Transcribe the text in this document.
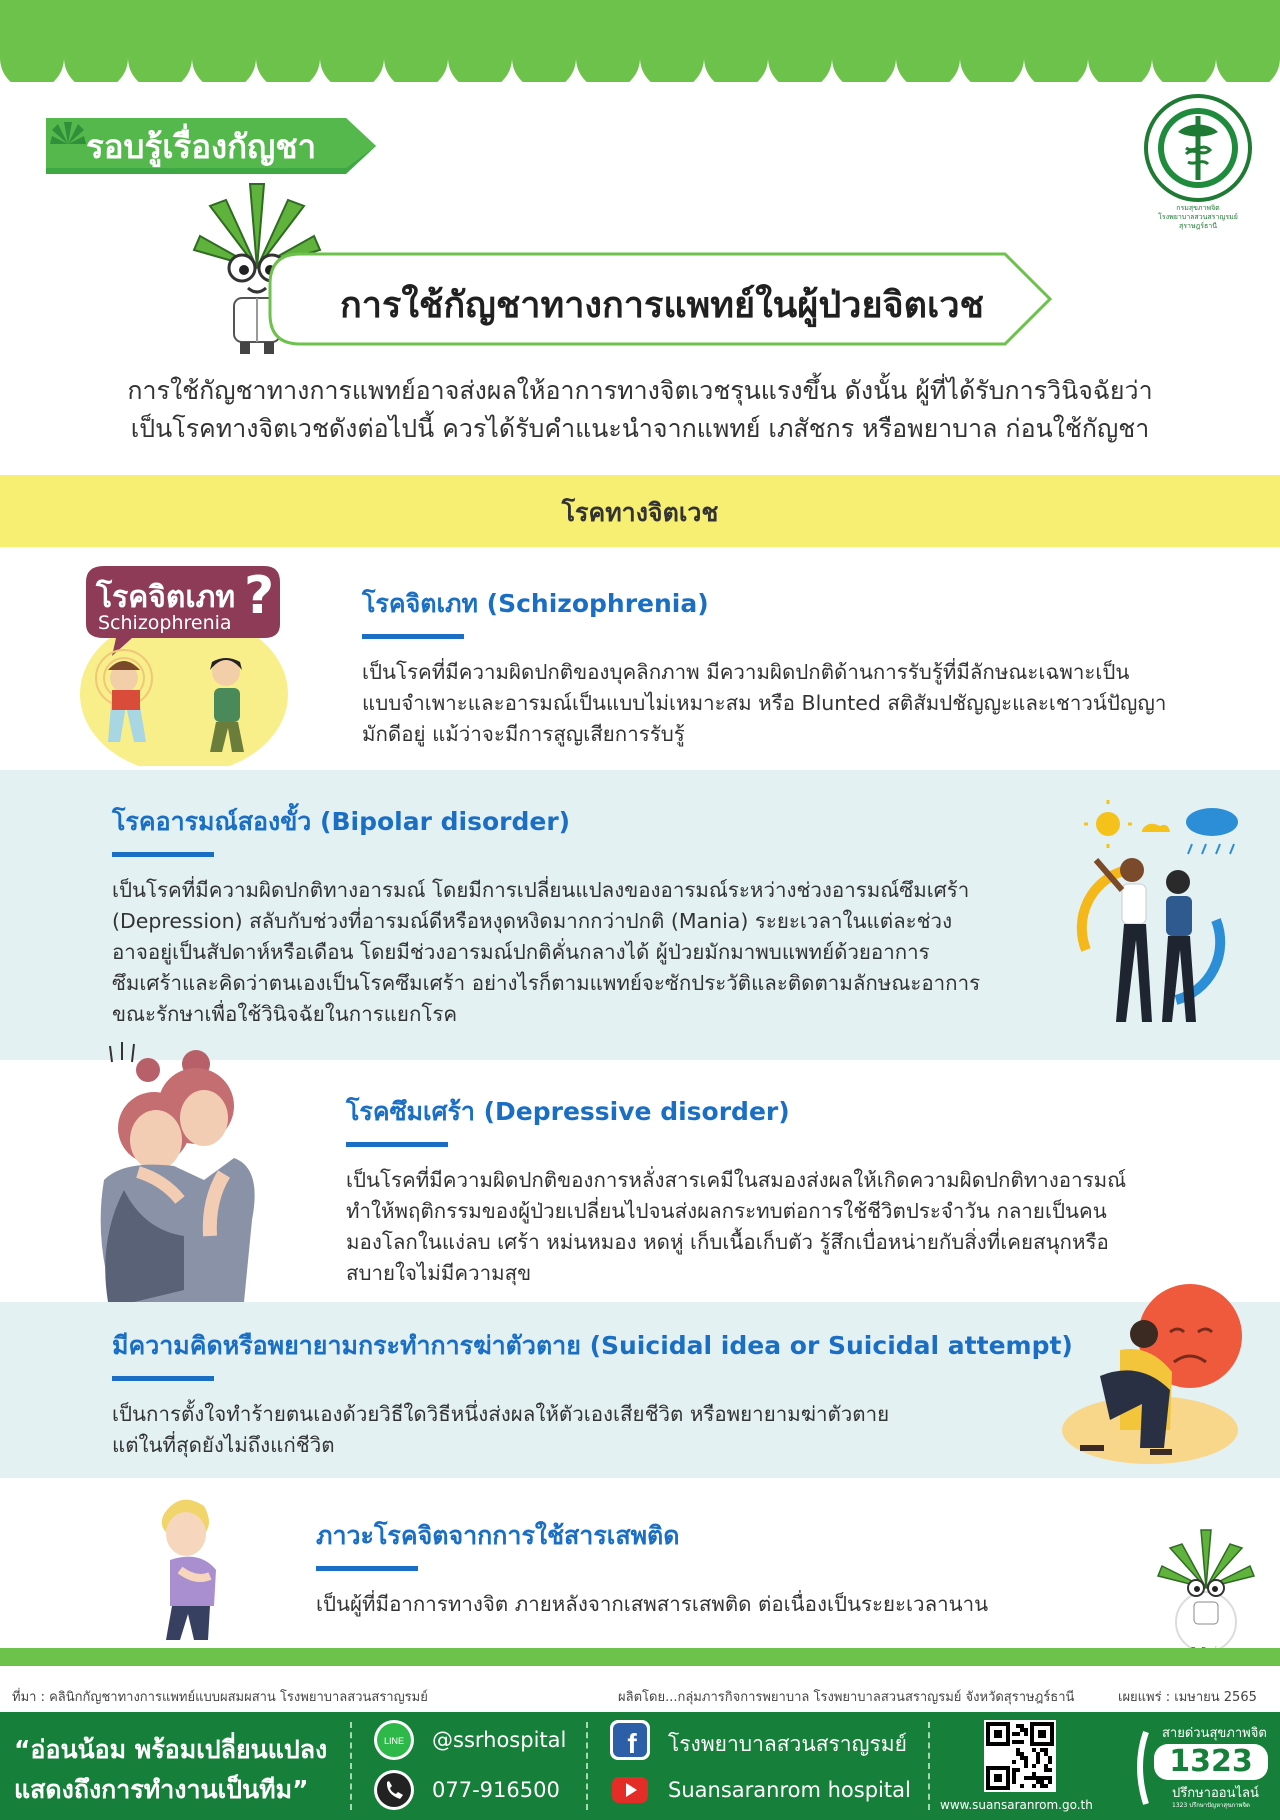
รอบรู้เรื่องกัญชา
กรมสุขภาพจิต
โรงพยาบาลสวนสราญรมย์
สุราษฎร์ธานี
การใช้กัญชาทางการแพทย์ในผู้ป่วยจิตเวช
การใช้กัญชาทางการแพทย์อาจส่งผลให้อาการทางจิตเวชรุนแรงขึ้น ดังนั้น ผู้ที่ได้รับการวินิจฉัยว่า
เป็นโรคทางจิตเวชดังต่อไปนี้ ควรได้รับคำแนะนำจากแพทย์ เภสัชกร หรือพยาบาล ก่อนใช้กัญชา
โรคทางจิตเวช
โรคจิตเภท ?
Schizophrenia
โรคจิตเภท (Schizophrenia)
เป็นโรคที่มีความผิดปกติของบุคลิกภาพ มีความผิดปกติด้านการรับรู้ที่มีลักษณะเฉพาะเป็น
แบบจำเพาะและอารมณ์เป็นแบบไม่เหมาะสม หรือ Blunted สติสัมปชัญญะและเชาวน์ปัญญา
มักดีอยู่ แม้ว่าจะมีการสูญเสียการรับรู้
โรคอารมณ์สองขั้ว (Bipolar disorder)
เป็นโรคที่มีความผิดปกติทางอารมณ์ โดยมีการเปลี่ยนแปลงของอารมณ์ระหว่างช่วงอารมณ์ซึมเศร้า
(Depression) สลับกับช่วงที่อารมณ์ดีหรือหงุดหงิดมากกว่าปกติ (Mania) ระยะเวลาในแต่ละช่วง
อาจอยู่เป็นสัปดาห์หรือเดือน โดยมีช่วงอารมณ์ปกติคั่นกลางได้ ผู้ป่วยมักมาพบแพทย์ด้วยอาการ
ซึมเศร้าและคิดว่าตนเองเป็นโรคซึมเศร้า อย่างไรก็ตามแพทย์จะซักประวัติและติดตามลักษณะอาการ
ขณะรักษาเพื่อใช้วินิจฉัยในการแยกโรค
โรคซึมเศร้า (Depressive disorder)
เป็นโรคที่มีความผิดปกติของการหลั่งสารเคมีในสมองส่งผลให้เกิดความผิดปกติทางอารมณ์
ทำให้พฤติกรรมของผู้ป่วยเปลี่ยนไปจนส่งผลกระทบต่อการใช้ชีวิตประจำวัน กลายเป็นคน
มองโลกในแง่ลบ เศร้า หม่นหมอง หดหู่ เก็บเนื้อเก็บตัว รู้สึกเบื่อหน่ายกับสิ่งที่เคยสนุกหรือ
สบายใจไม่มีความสุข
มีความคิดหรือพยายามกระทำการฆ่าตัวตาย (Suicidal idea or Suicidal attempt)
เป็นการตั้งใจทำร้ายตนเองด้วยวิธีใดวิธีหนึ่งส่งผลให้ตัวเองเสียชีวิต หรือพยายามฆ่าตัวตาย
แต่ในที่สุดยังไม่ถึงแก่ชีวิต
ภาวะโรคจิตจากการใช้สารเสพติด
เป็นผู้ที่มีอาการทางจิต ภายหลังจากเสพสารเสพติด ต่อเนื่องเป็นระยะเวลานาน
ที่มา : คลินิกกัญชาทางการแพทย์แบบผสมผสาน โรงพยาบาลสวนสราญรมย์	ผลิตโดย...กลุ่มภารกิจการพยาบาล โรงพยาบาลสวนสราญรมย์ จังหวัดสุราษฎร์ธานี	เผยแพร่ : เมษายน 2565
“อ่อนน้อม พร้อมเปลี่ยนแปลง
แสดงถึงการทำงานเป็นทีม”
LINE @ssrhospital
077-916500
f โรงพยาบาลสวนสราญรมย์
Suansaranrom hospital
www.suansaranrom.go.th
สายด่วนสุขภาพจิต
1323
ปรึกษาออนไลน์
1323 ปรึกษาปัญหาสุขภาพจิต
